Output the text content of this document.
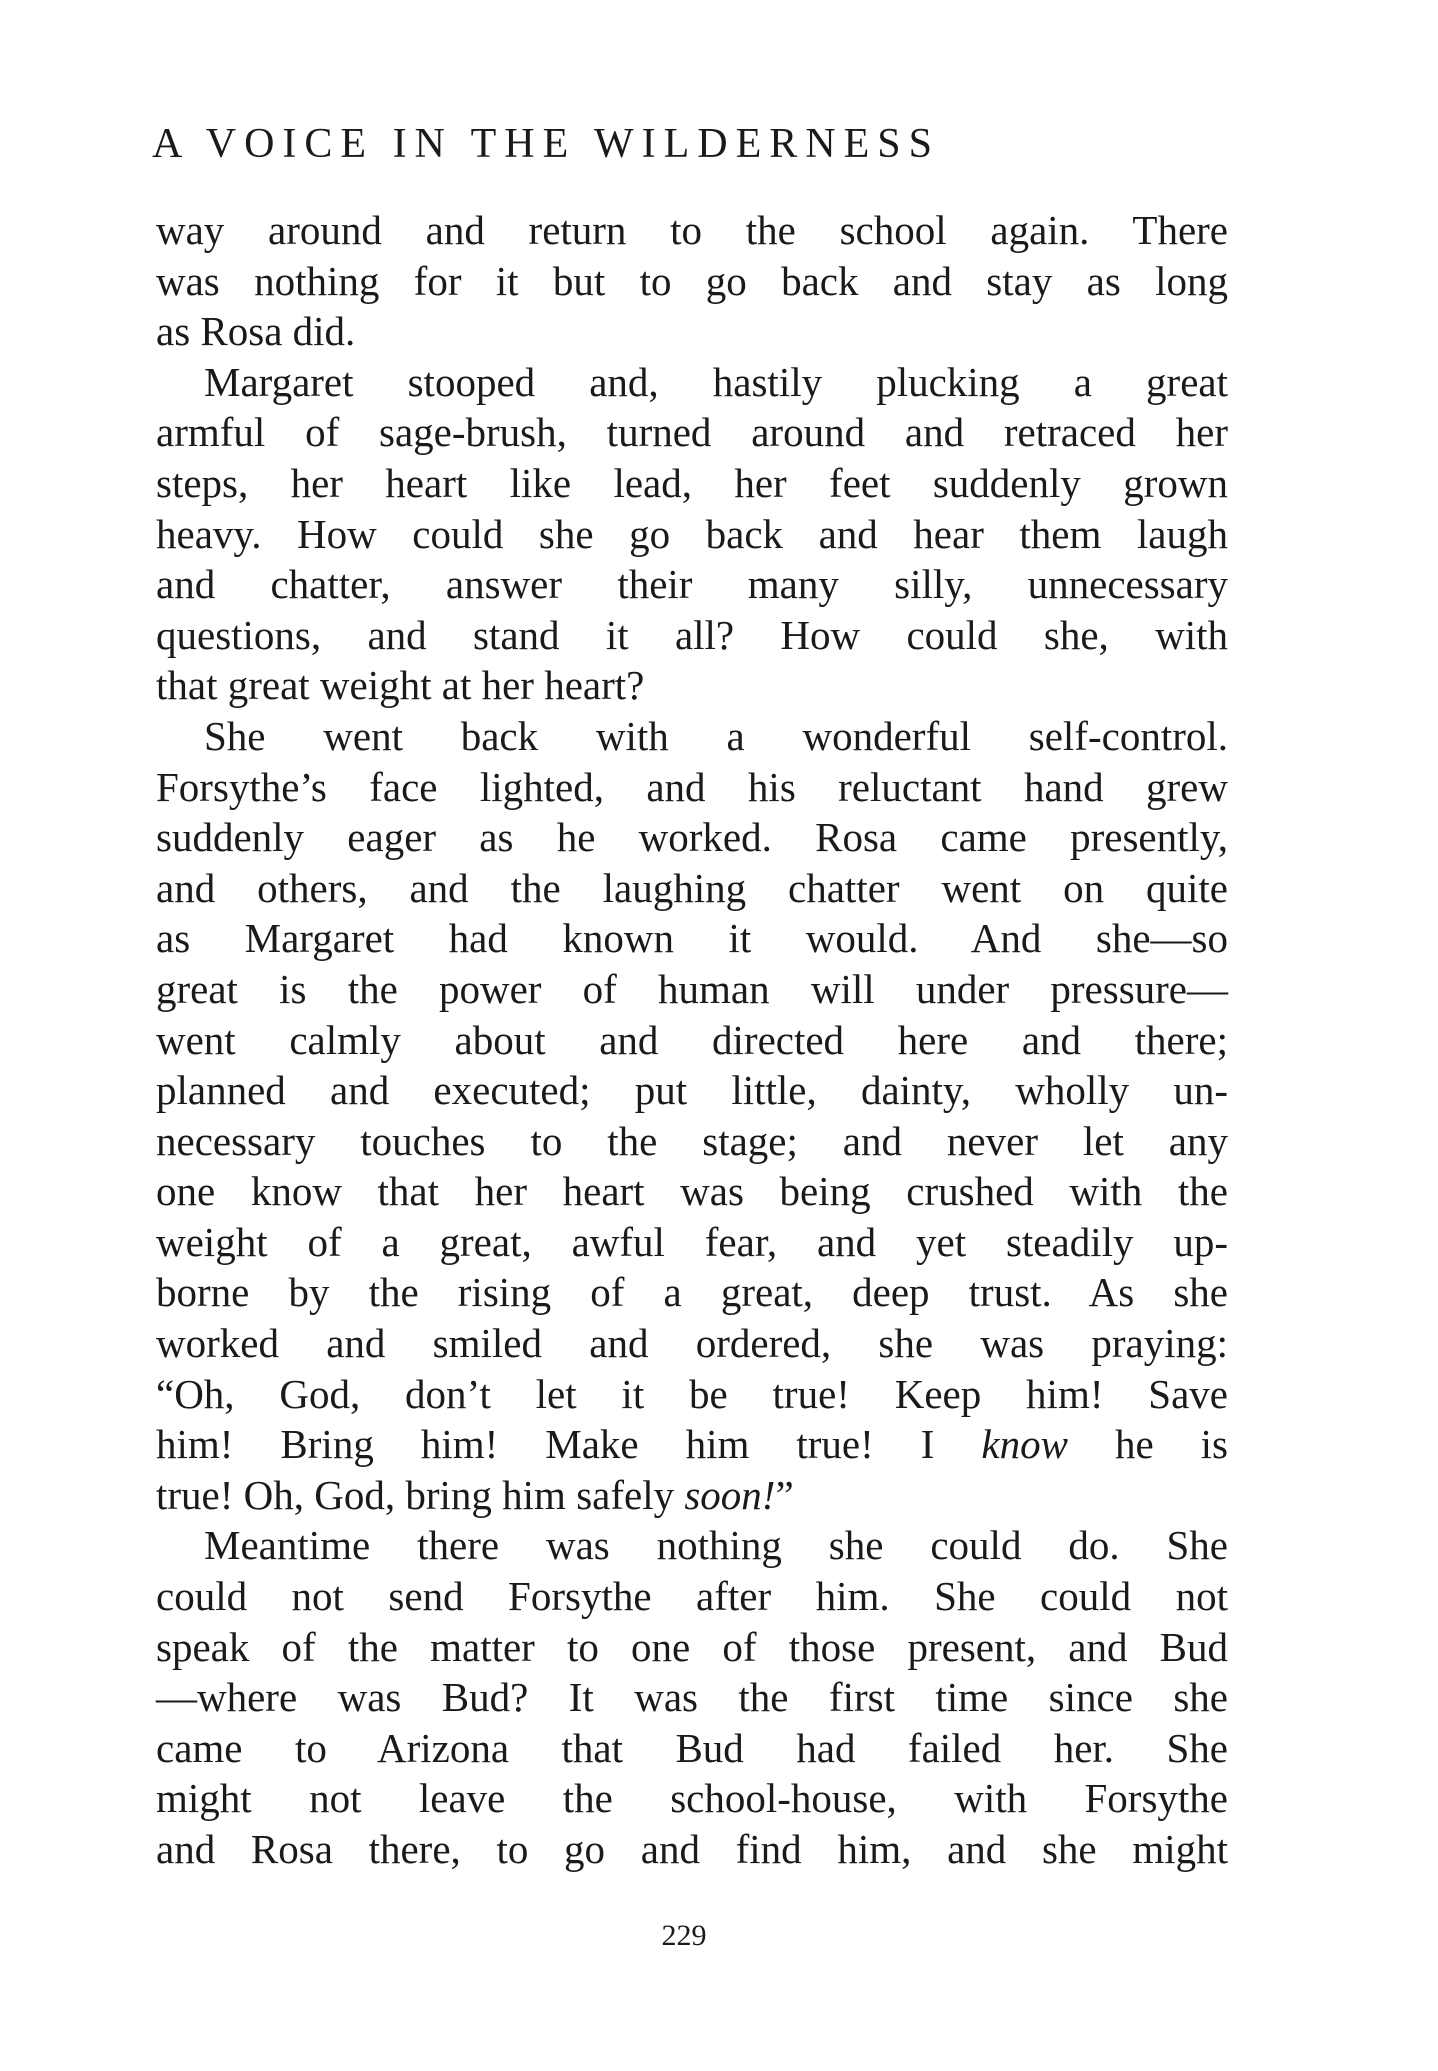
A VOICE IN THE WILDERNESS
way around and return to the school again. There
was nothing for it but to go back and stay as long
as Rosa did.
Margaret stooped and, hastily plucking a great
armful of sage-brush, turned around and retraced her
steps, her heart like lead, her feet suddenly grown
heavy. How could she go back and hear them laugh
and chatter, answer their many silly, unnecessary
questions, and stand it all? How could she, with
that great weight at her heart?
She went back with a wonderful self-control.
Forsythe’s face lighted, and his reluctant hand grew
suddenly eager as he worked. Rosa came presently,
and others, and the laughing chatter went on quite
as Margaret had known it would. And she—so
great is the power of human will under pressure—
went calmly about and directed here and there;
planned and executed; put little, dainty, wholly un-
necessary touches to the stage; and never let any
one know that her heart was being crushed with the
weight of a great, awful fear, and yet steadily up-
borne by the rising of a great, deep trust. As she
worked and smiled and ordered, she was praying:
“Oh, God, don’t let it be true! Keep him! Save
him! Bring him! Make him true! I know he is
true! Oh, God, bring him safely soon!”
Meantime there was nothing she could do. She
could not send Forsythe after him. She could not
speak of the matter to one of those present, and Bud
—where was Bud? It was the first time since she
came to Arizona that Bud had failed her. She
might not leave the school-house, with Forsythe
and Rosa there, to go and find him, and she might
229
